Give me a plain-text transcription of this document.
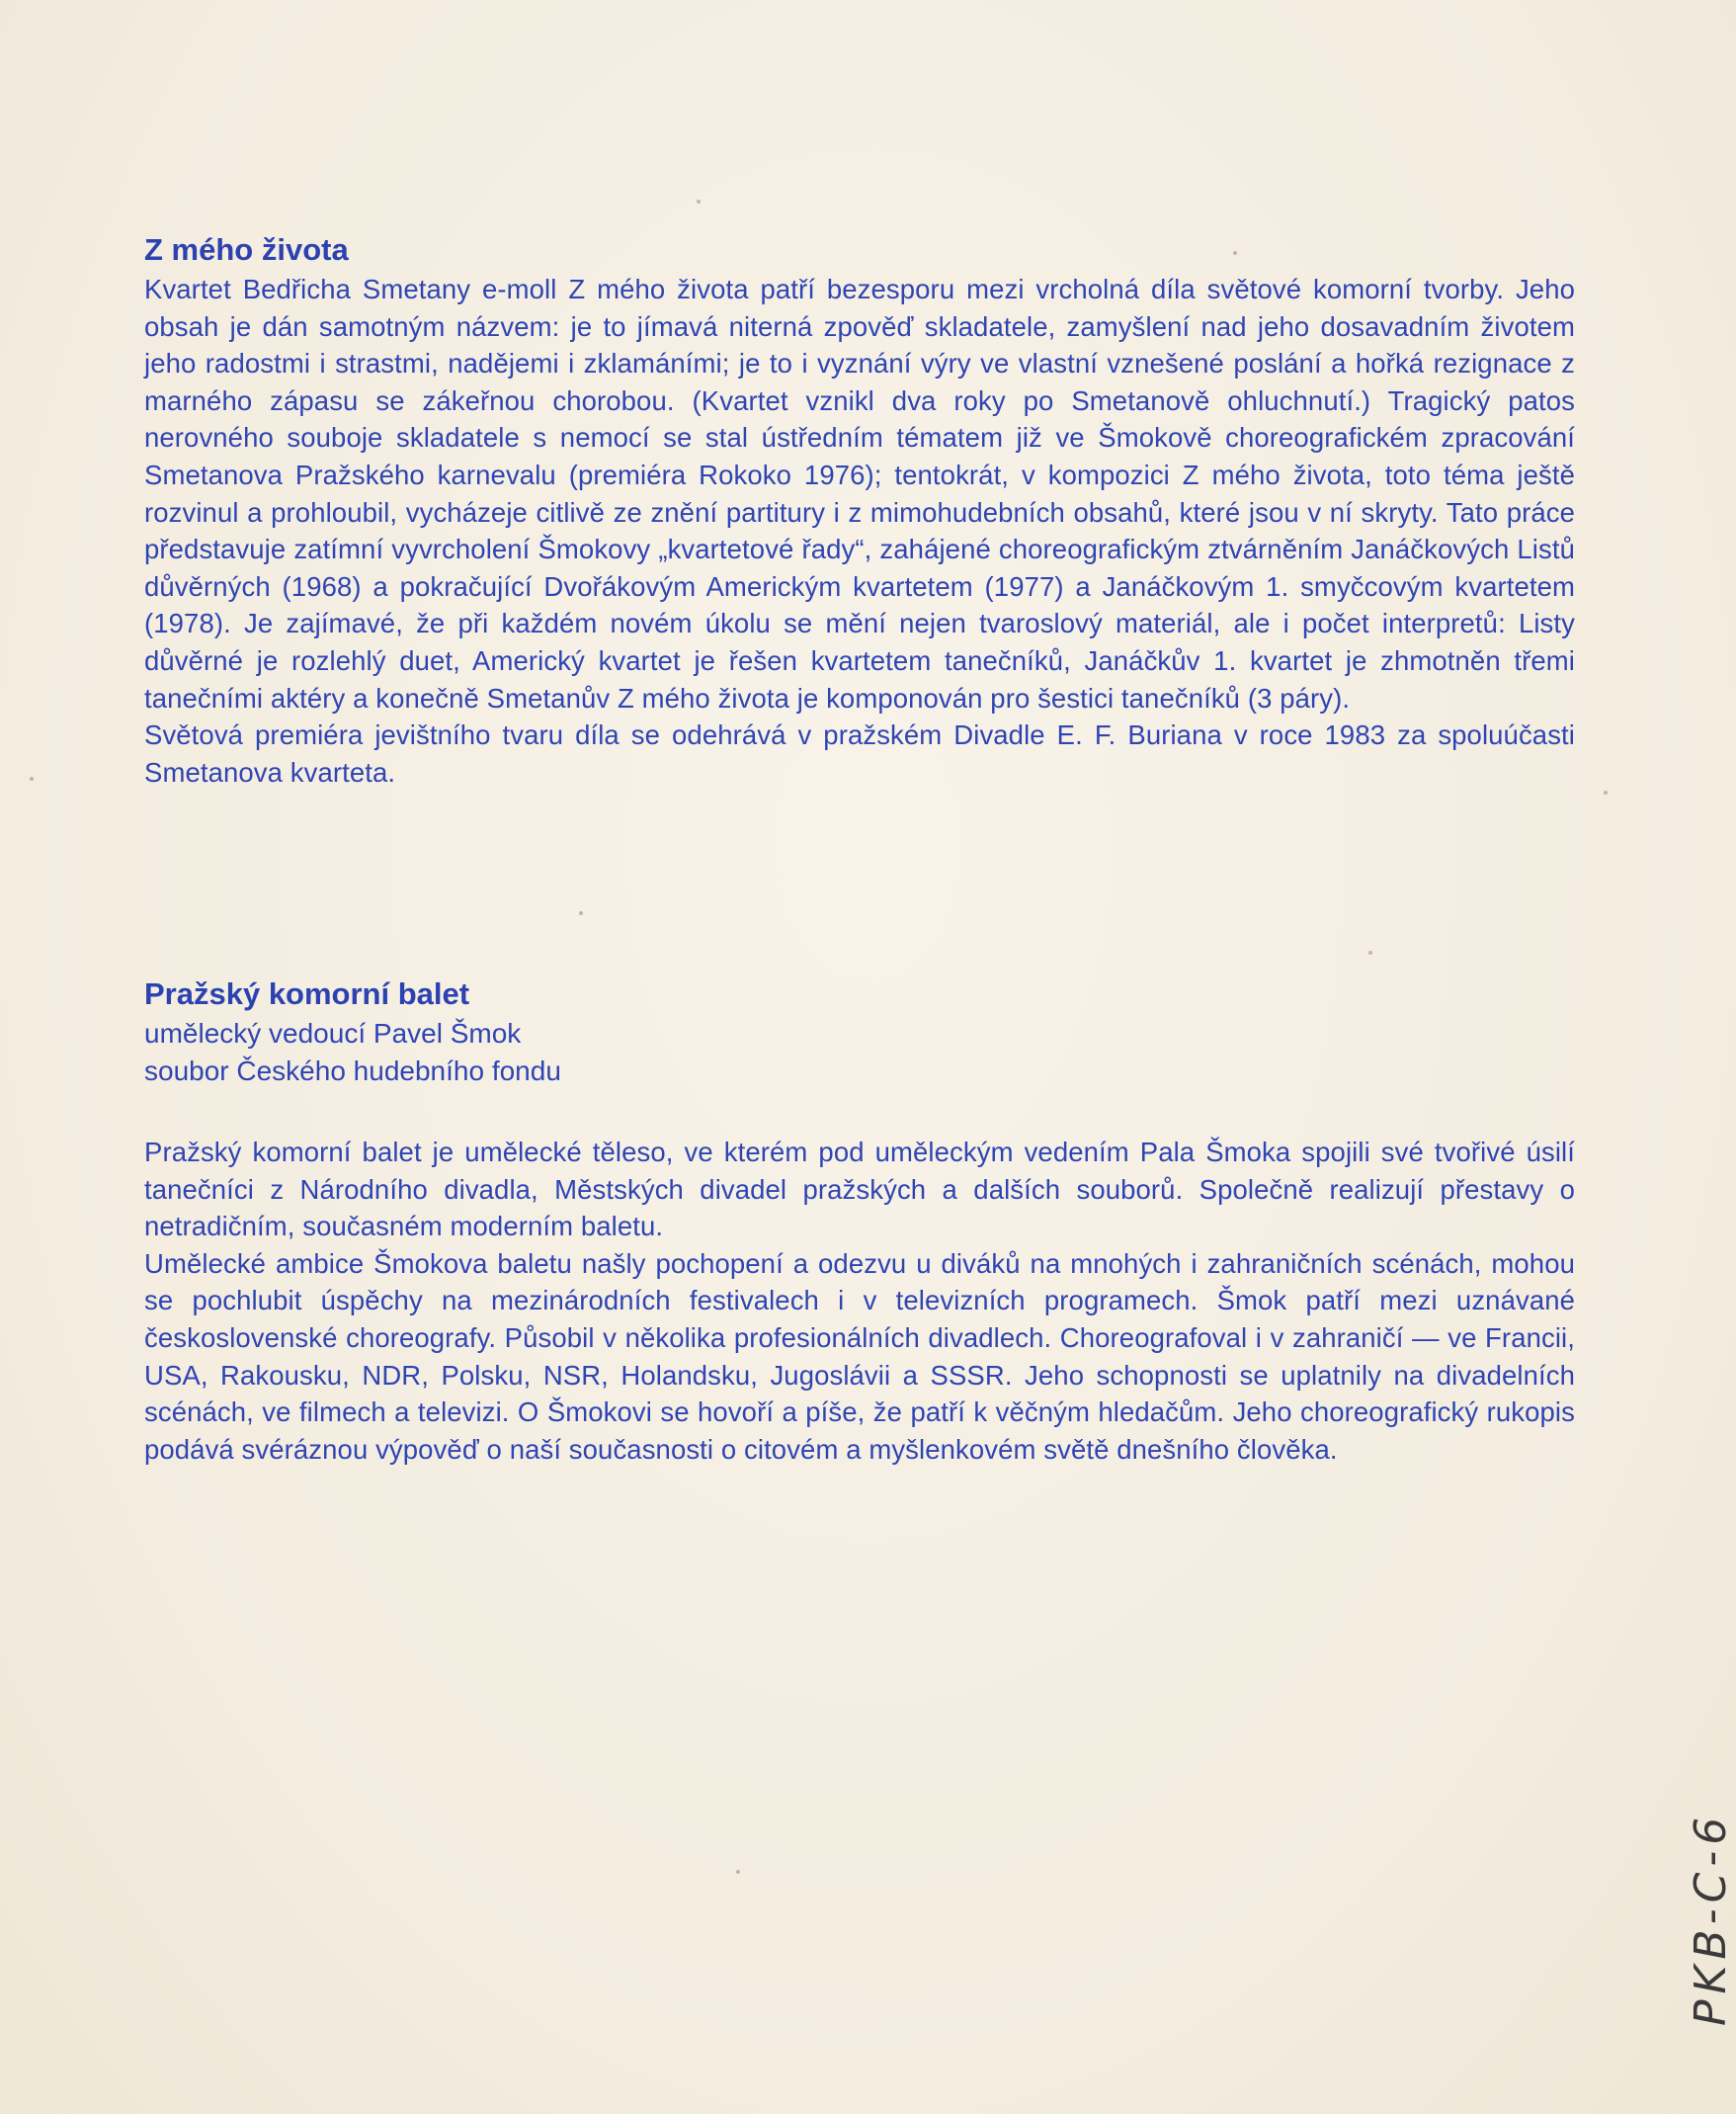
Z mého života

Kvartet Bedřicha Smetany e-moll Z mého života patří bezesporu mezi vrcholná díla světové komorní tvorby. Jeho obsah je dán samotným názvem: je to jímavá niterná zpověď skladatele, zamyšlení nad jeho dosavadním životem jeho radostmi i strastmi, nadějemi i zklamáními; je to i vyznání výry ve vlastní vznešené poslání a hořká rezignace z marného zápasu se zákeřnou chorobou. (Kvartet vznikl dva roky po Smetanově ohluchnutí.) Tragický patos nerovného souboje skladatele s nemocí se stal ústředním tématem již ve Šmokově choreografickém zpracování Smetanova Pražského karnevalu (premiéra Rokoko 1976); tentokrát, v kompozici Z mého života, toto téma ještě rozvinul a prohloubil, vycházeje citlivě ze znění partitury i z mimohudebních obsahů, které jsou v ní skryty. Tato práce představuje zatímní vyvrcholení Šmokovy „kvartetové řady“, zahájené choreografickým ztvárněním Janáčkových Listů důvěrných (1968) a pokračující Dvořákovým Americkým kvartetem (1977) a Janáčkovým 1. smyčcovým kvartetem (1978). Je zajímavé, že při každém novém úkolu se mění nejen tvaroslový materiál, ale i počet interpretů: Listy důvěrné je rozlehlý duet, Americký kvartet je řešen kvartetem tanečníků, Janáčkův 1. kvartet je zhmotněn třemi tanečními aktéry a konečně Smetanův Z mého života je komponován pro šestici tanečníků (3 páry).

Světová premiéra jevištního tvaru díla se odehrává v pražském Divadle E. F. Buriana v roce 1983 za spoluúčasti Smetanova kvarteta.

Pražský komorní balet

umělecký vedoucí Pavel Šmok

soubor Českého hudebního fondu

Pražský komorní balet je umělecké těleso, ve kterém pod uměleckým vedením Pala Šmoka spojili své tvořivé úsilí tanečníci z Národního divadla, Městských divadel pražských a dalších souborů. Společně realizují přestavy o netradičním, současném moderním baletu.

Umělecké ambice Šmokova baletu našly pochopení a odezvu u diváků na mnohých i zahraničních scénách, mohou se pochlubit úspěchy na mezinárodních festivalech i v televizních programech. Šmok patří mezi uznávané československé choreografy. Působil v několika profesionálních divadlech. Choreografoval i v zahraničí — ve Francii, USA, Rakousku, NDR, Polsku, NSR, Holandsku, Jugoslávii a SSSR. Jeho schopnosti se uplatnily na divadelních scénách, ve filmech a televizi. O Šmokovi se hovoří a píše, že patří k věčným hledačům. Jeho choreografický rukopis podává svéráznou výpověď o naší současnosti o citovém a myšlenkovém světě dnešního člověka.

PKB-C-6
